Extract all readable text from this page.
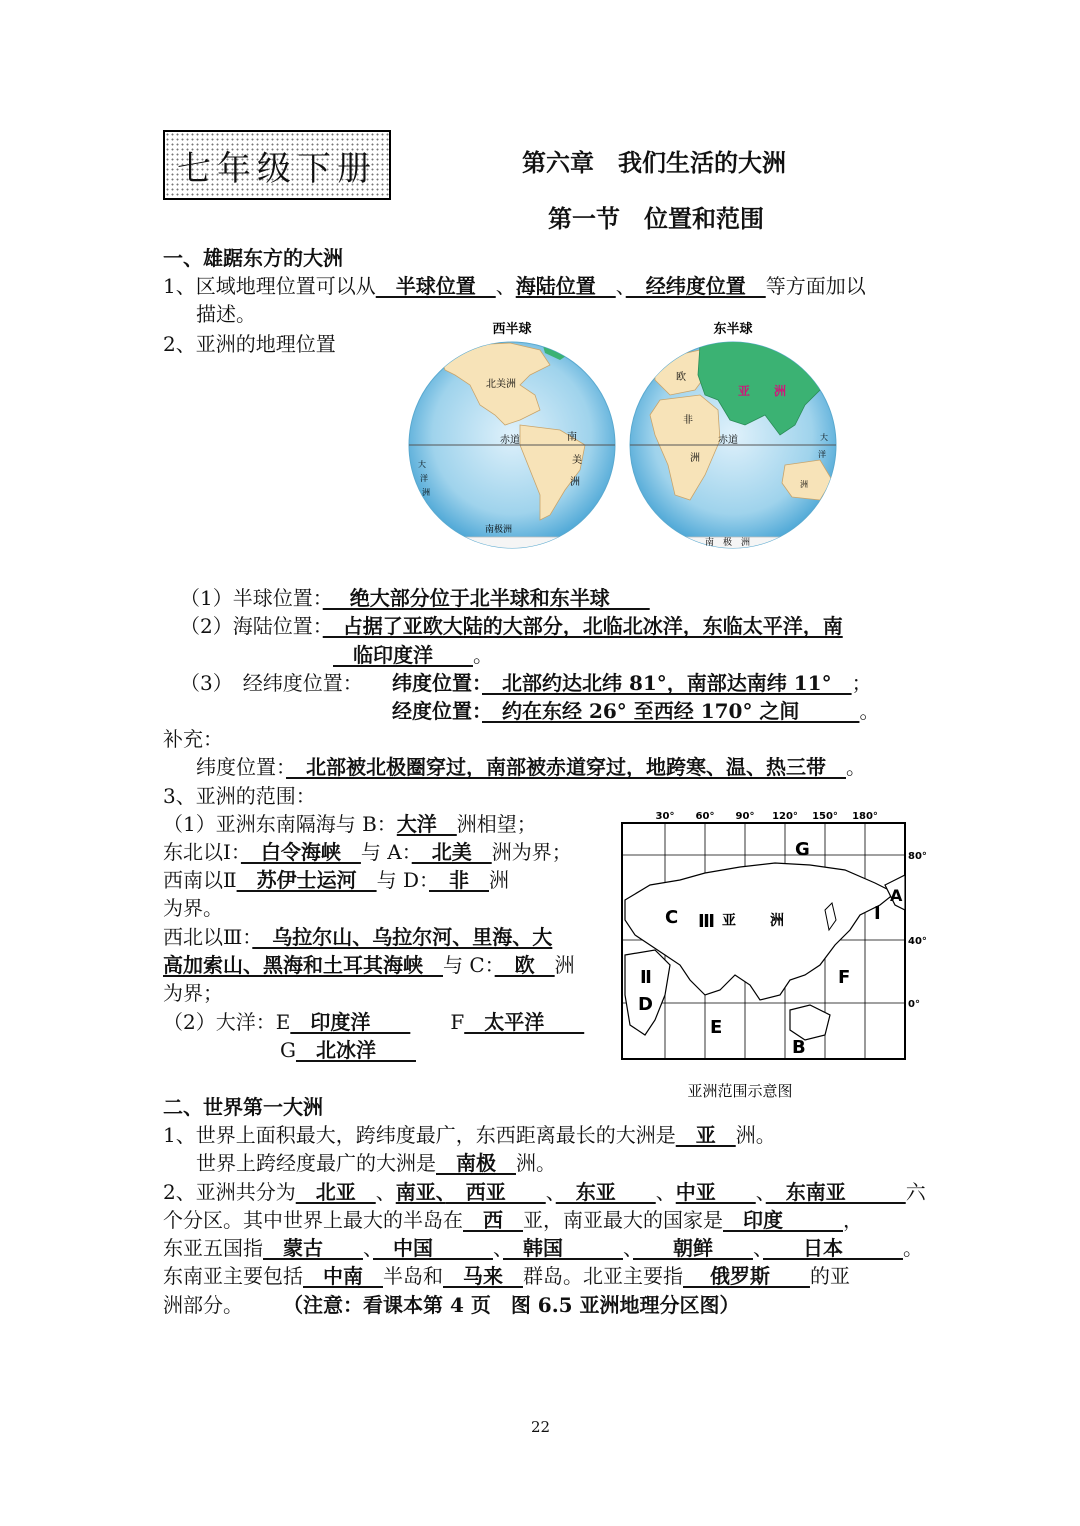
七年级下册	第六章　我们生活的大洲
第一节　位置和范围
一、雄踞东方的大洲
1、区域地理位置可以从　半球位置　、海陆位置　、　经纬度位置　等方面加以
描述。
2、亚洲的地理位置
西半球	东半球
北美洲
赤道	南
美
洲
大
洋
洲
南极洲
欧
亚　　洲
非
洲
赤道	大
洋
洲
南　极　洲
（1）半球位置：　 绝大部分位于北半球和东半球　　
（2）海陆位置：　占据了亚欧大陆的大部分，北临北冰洋，东临太平洋，南
　临印度洋　　。
（3）　经纬度位置： 纬度位置：　北部约达北纬 81°，南部达南纬 11°　；
经度位置：　约在东经 26° 至西经 170° 之间　　　。
补充：
纬度位置：　北部被北极圈穿过，南部被赤道穿过，地跨寒、温、热三带　。
3、亚洲的范围：
（1）亚洲东南隔海与 B：大洋　洲相望；
东北以Ⅰ：　白令海峡　与 A：　北美　洲为界；
西南以Ⅱ　苏伊士运河　与 D：　非　洲
为界。
西北以Ⅲ：　乌拉尔山、乌拉尔河、里海、大
高加索山、黑海和土耳其海峡　与 C：　欧　洲
为界；
（2）大洋：E　印度洋　　F　太平洋　　
G　北冰洋　　
30° 60° 90° 120° 150° 180°
80°
40°
0°
G
A
Ⅰ
C Ⅲ 亚 洲
F
Ⅱ
D
E
B
亚洲范围示意图
二、世界第一大洲
1、世界上面积最大，跨纬度最广，东西距离最长的大洲是　亚　洲。
世界上跨经度最广的大洲是　南极　洲。
2、亚洲共分为　北亚　、南亚、　西亚　　、　东亚　　、中亚　　、　东南亚　　　六
个分区。其中世界上最大的半岛在　西　亚，南亚最大的国家是　印度　　　，
东亚五国指　蒙古　　、　中国　　　、　韩国　　　、　　朝鲜　　、　　日本　　　。
东南亚主要包括　中南　半岛和　马来　群岛。北亚主要指　 俄罗斯　　的亚
洲部分。 （注意：看课本第 4 页　图 6.5 亚洲地理分区图）
22
